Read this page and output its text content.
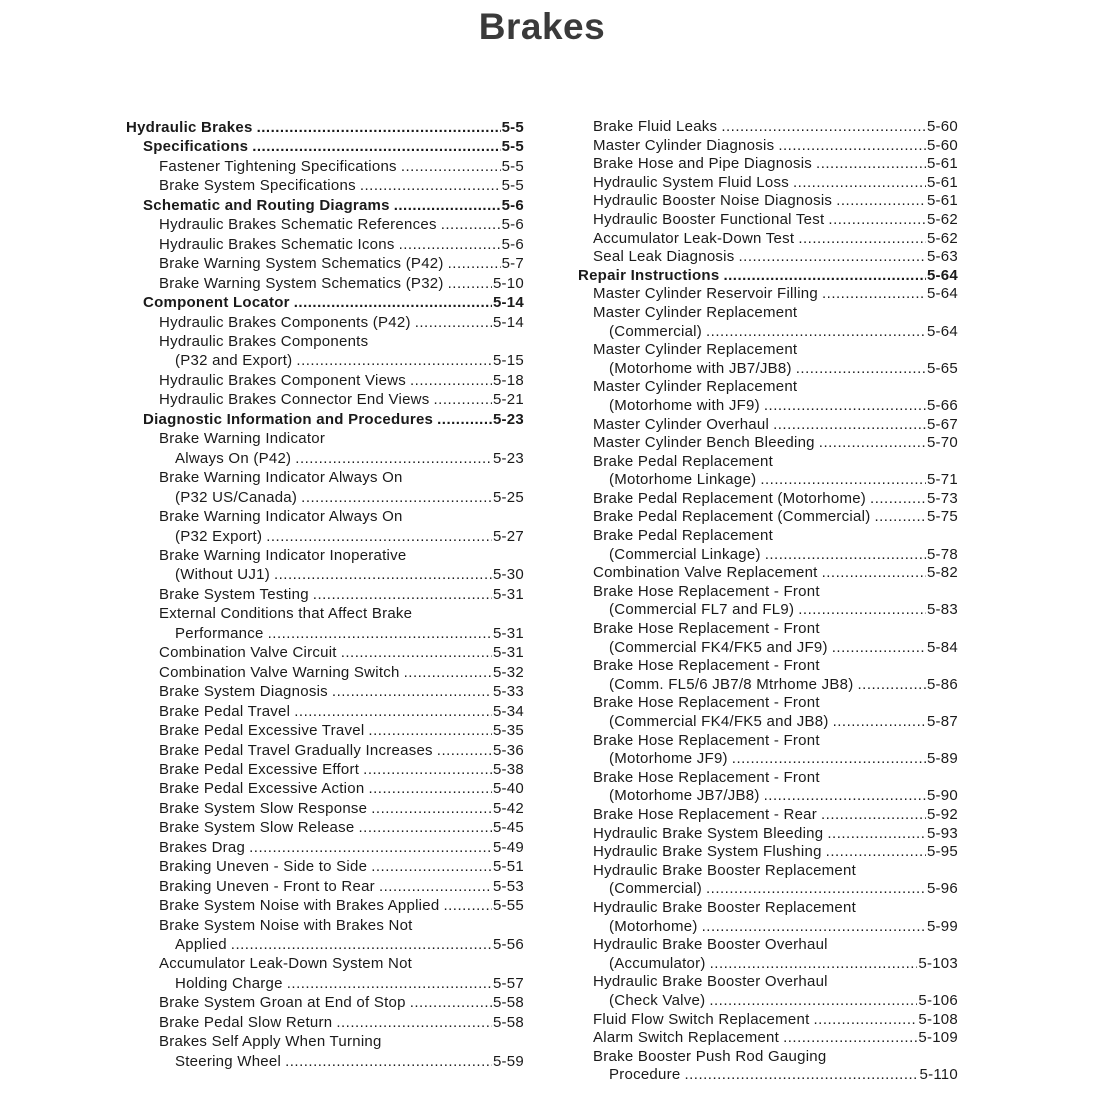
Brakes
Hydraulic Brakes .....	5-5
Specifications .....	5-5
Fastener Tightening Specifications .....	5-5
Brake System Specifications .....	5-5
Schematic and Routing Diagrams .....	5-6
Hydraulic Brakes Schematic References .....	5-6
Hydraulic Brakes Schematic Icons .....	5-6
Brake Warning System Schematics (P42) .....	5-7
Brake Warning System Schematics (P32) .....	5-10
Component Locator .....	5-14
Hydraulic Brakes Components (P42) .....	5-14
Hydraulic Brakes Components
(P32 and Export) .....	5-15
Hydraulic Brakes Component Views .....	5-18
Hydraulic Brakes Connector End Views .....	5-21
Diagnostic Information and Procedures .....	5-23
Brake Warning Indicator
Always On (P42) .....	5-23
Brake Warning Indicator Always On
(P32 US/Canada) .....	5-25
Brake Warning Indicator Always On
(P32 Export) .....	5-27
Brake Warning Indicator Inoperative
(Without UJ1) .....	5-30
Brake System Testing .....	5-31
External Conditions that Affect Brake
Performance .....	5-31
Combination Valve Circuit .....	5-31
Combination Valve Warning Switch .....	5-32
Brake System Diagnosis .....	5-33
Brake Pedal Travel .....	5-34
Brake Pedal Excessive Travel .....	5-35
Brake Pedal Travel Gradually Increases .....	5-36
Brake Pedal Excessive Effort .....	5-38
Brake Pedal Excessive Action .....	5-40
Brake System Slow Response .....	5-42
Brake System Slow Release .....	5-45
Brakes Drag .....	5-49
Braking Uneven - Side to Side .....	5-51
Braking Uneven - Front to Rear .....	5-53
Brake System Noise with Brakes Applied .....	5-55
Brake System Noise with Brakes Not
Applied .....	5-56
Accumulator Leak-Down System Not
Holding Charge .....	5-57
Brake System Groan at End of Stop .....	5-58
Brake Pedal Slow Return .....	5-58
Brakes Self Apply When Turning
Steering Wheel .....	5-59
Brake Fluid Leaks .....	5-60
Master Cylinder Diagnosis .....	5-60
Brake Hose and Pipe Diagnosis .....	5-61
Hydraulic System Fluid Loss .....	5-61
Hydraulic Booster Noise Diagnosis .....	5-61
Hydraulic Booster Functional Test .....	5-62
Accumulator Leak-Down Test .....	5-62
Seal Leak Diagnosis .....	5-63
Repair Instructions .....	5-64
Master Cylinder Reservoir Filling .....	5-64
Master Cylinder Replacement
(Commercial) .....	5-64
Master Cylinder Replacement
(Motorhome with JB7/JB8) .....	5-65
Master Cylinder Replacement
(Motorhome with JF9) .....	5-66
Master Cylinder Overhaul .....	5-67
Master Cylinder Bench Bleeding .....	5-70
Brake Pedal Replacement
(Motorhome Linkage) .....	5-71
Brake Pedal Replacement (Motorhome) .....	5-73
Brake Pedal Replacement (Commercial) .....	5-75
Brake Pedal Replacement
(Commercial Linkage) .....	5-78
Combination Valve Replacement .....	5-82
Brake Hose Replacement - Front
(Commercial FL7 and FL9) .....	5-83
Brake Hose Replacement - Front
(Commercial FK4/FK5 and JF9) .....	5-84
Brake Hose Replacement - Front
(Comm. FL5/6 JB7/8 Mtrhome JB8) .....	5-86
Brake Hose Replacement - Front
(Commercial FK4/FK5 and JB8) .....	5-87
Brake Hose Replacement - Front
(Motorhome JF9) .....	5-89
Brake Hose Replacement - Front
(Motorhome JB7/JB8) .....	5-90
Brake Hose Replacement - Rear .....	5-92
Hydraulic Brake System Bleeding .....	5-93
Hydraulic Brake System Flushing .....	5-95
Hydraulic Brake Booster Replacement
(Commercial) .....	5-96
Hydraulic Brake Booster Replacement
(Motorhome) .....	5-99
Hydraulic Brake Booster Overhaul
(Accumulator) .....	5-103
Hydraulic Brake Booster Overhaul
(Check Valve) .....	5-106
Fluid Flow Switch Replacement .....	5-108
Alarm Switch Replacement .....	5-109
Brake Booster Push Rod Gauging
Procedure .....	5-110
